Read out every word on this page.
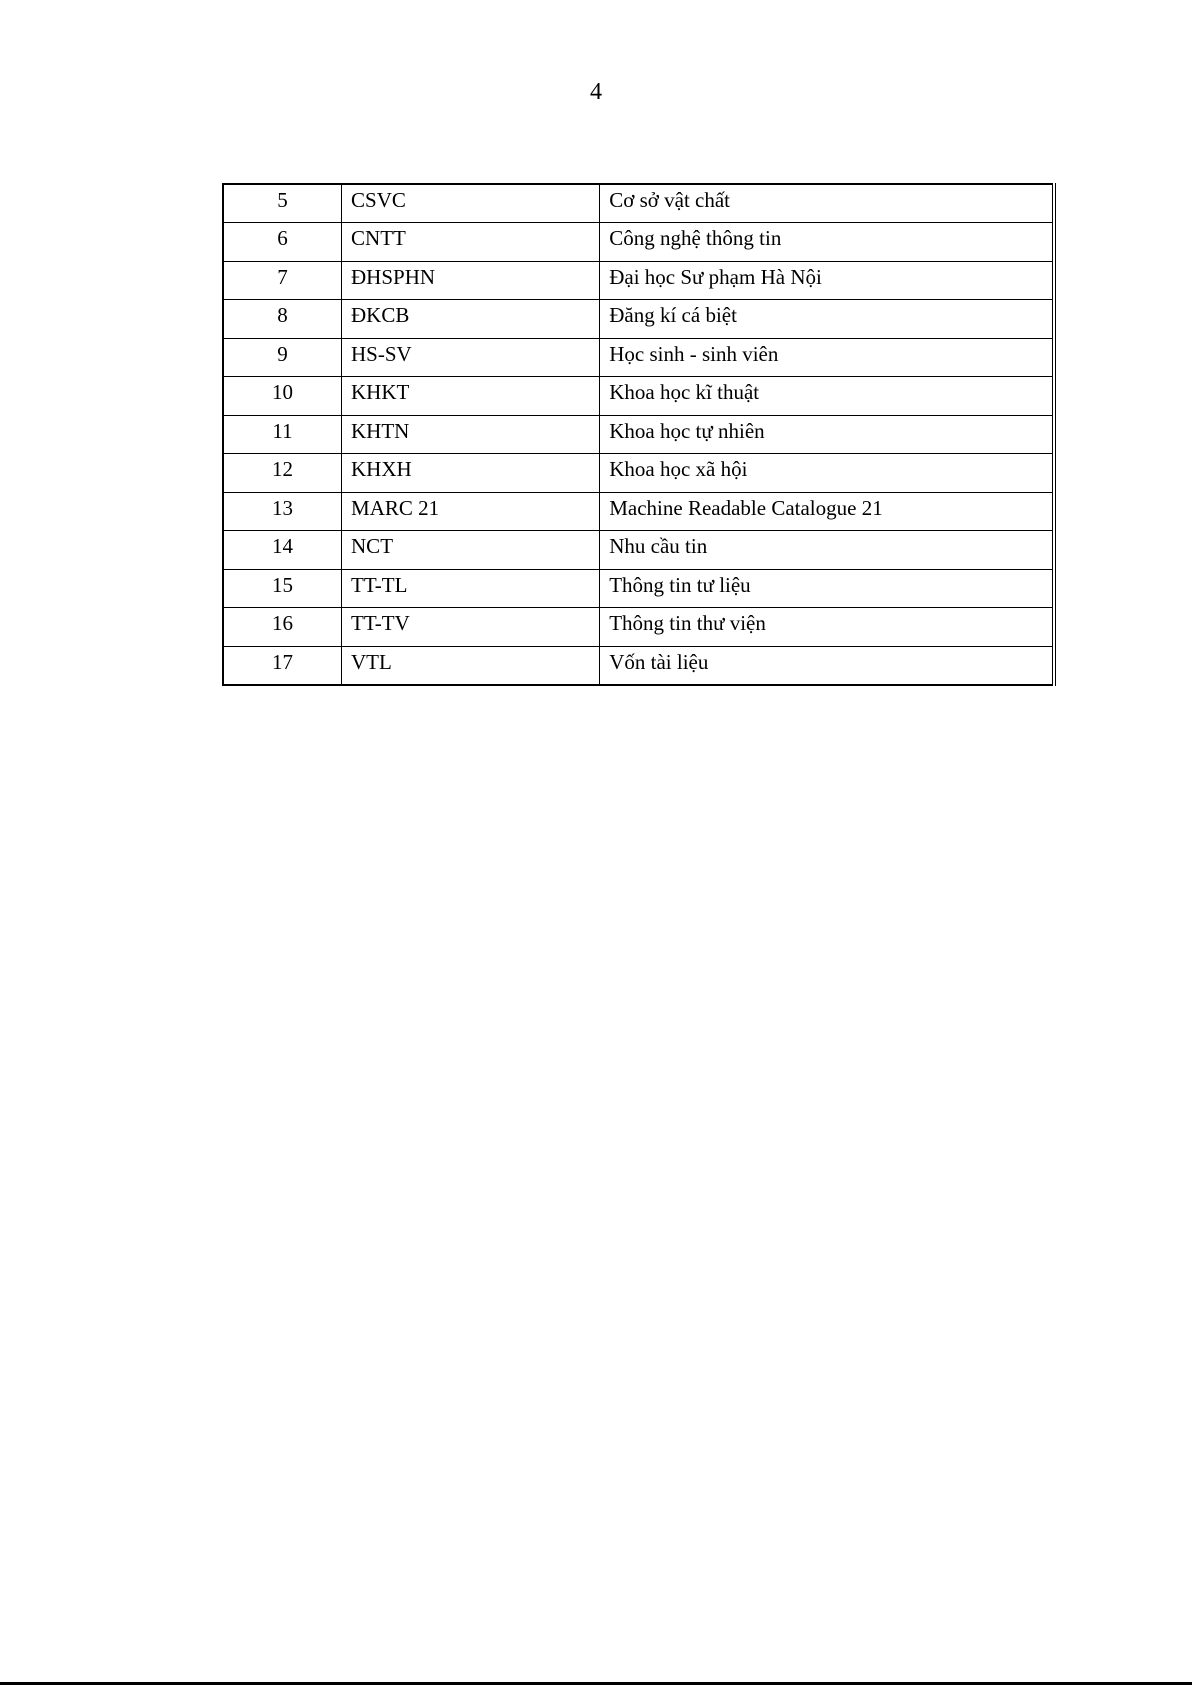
4
5	CSVC	Cơ sở vật chất
6	CNTT	Công nghệ thông tin
7	ĐHSPHN	Đại học Sư phạm Hà Nội
8	ĐKCB	Đăng kí cá biệt
9	HS-SV	Học sinh - sinh viên
10	KHKT	Khoa học kĩ thuật
11	KHTN	Khoa học tự nhiên
12	KHXH	Khoa học xã hội
13	MARC 21	Machine Readable Catalogue 21
14	NCT	Nhu cầu tin
15	TT-TL	Thông tin tư liệu
16	TT-TV	Thông tin thư viện
17	VTL	Vốn tài liệu
